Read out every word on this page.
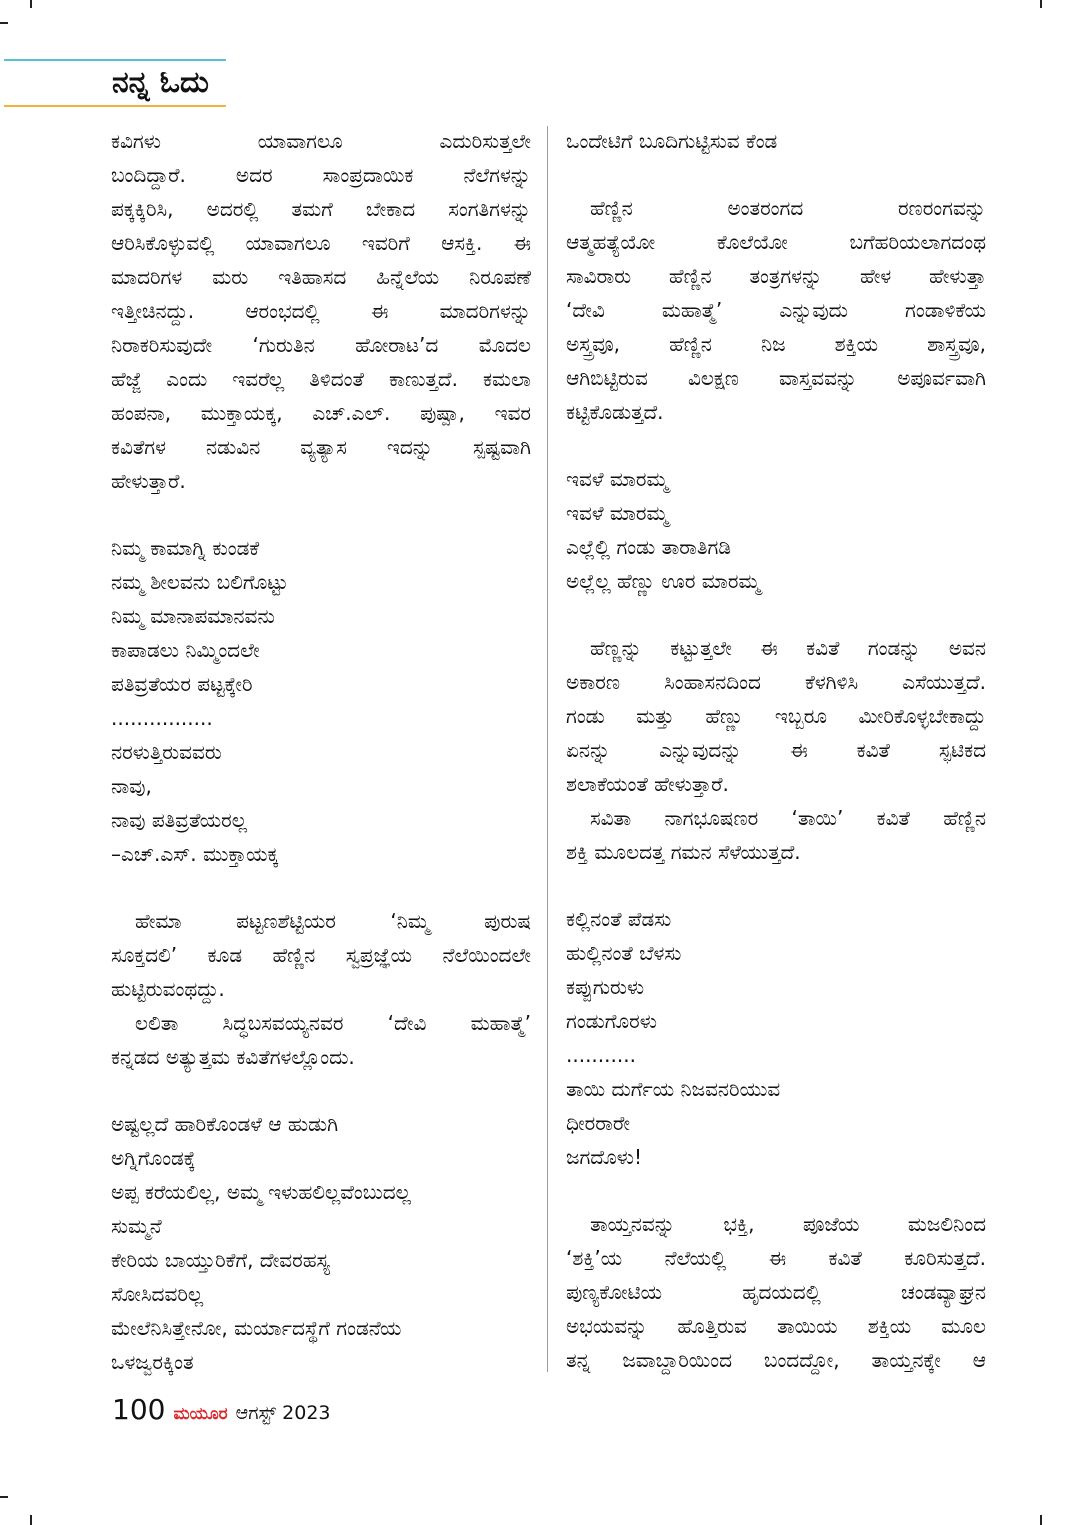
ನನ್ನ ಓದು

ಕವಿಗಳು ಯಾವಾಗಲೂ ಎದುರಿಸುತ್ತಲೇ

ಬಂದಿದ್ದಾರೆ. ಅದರ ಸಾಂಪ್ರದಾಯಿಕ ನೆಲೆಗಳನ್ನು

ಪಕ್ಕಕ್ಕಿರಿಸಿ, ಅದರಲ್ಲಿ ತಮಗೆ ಬೇಕಾದ ಸಂಗತಿಗಳನ್ನು

ಆರಿಸಿಕೊಳ್ಳುವಲ್ಲಿ ಯಾವಾಗಲೂ ಇವರಿಗೆ ಆಸಕ್ತಿ. ಈ

ಮಾದರಿಗಳ ಮರು ಇತಿಹಾಸದ ಹಿನ್ನೆಲೆಯ ನಿರೂಪಣೆ

ಇತ್ತೀಚಿನದ್ದು. ಆರಂಭದಲ್ಲಿ ಈ ಮಾದರಿಗಳನ್ನು

ನಿರಾಕರಿಸುವುದೇ ‘ಗುರುತಿನ ಹೋರಾಟ’ದ ಮೊದಲ

ಹೆಜ್ಜೆ ಎಂದು ಇವರೆಲ್ಲ ತಿಳಿದಂತೆ ಕಾಣುತ್ತದೆ. ಕಮಲಾ

ಹಂಪನಾ, ಮುಕ್ತಾಯಕ್ಕ, ಎಚ್.ಎಲ್. ಪುಷ್ಪಾ, ಇವರ

ಕವಿತೆಗಳ ನಡುವಿನ ವ್ಯತ್ಯಾಸ ಇದನ್ನು ಸ್ಪಷ್ಟವಾಗಿ

ಹೇಳುತ್ತಾರೆ.

ನಿಮ್ಮ ಕಾಮಾಗ್ನಿ ಕುಂಡಕೆ

ನಮ್ಮ ಶೀಲವನು ಬಲಿಗೊಟ್ಟು

ನಿಮ್ಮ ಮಾನಾಪಮಾನವನು

ಕಾಪಾಡಲು ನಿಮ್ಮಿಂದಲೇ

ಪತಿವ್ರತೆಯರ ಪಟ್ಟಕ್ಕೇರಿ

................

ನರಳುತ್ತಿರುವವರು

ನಾವು,

ನಾವು ಪತಿವ್ರತೆಯರಲ್ಲ

–ಎಚ್.ಎಸ್. ಮುಕ್ತಾಯಕ್ಕ

ಹೇಮಾ ಪಟ್ಟಣಶೆಟ್ಟಿಯರ ‘ನಿಮ್ಮ ಪುರುಷ

ಸೂಕ್ತದಲಿ’ ಕೂಡ ಹೆಣ್ಣಿನ ಸ್ವಪ್ರಜ್ಞೆಯ ನೆಲೆಯಿಂದಲೇ

ಹುಟ್ಟಿರುವಂಥದ್ದು.

ಲಲಿತಾ ಸಿದ್ಧಬಸವಯ್ಯನವರ ‘ದೇವಿ ಮಹಾತ್ಮೆ’

ಕನ್ನಡದ ಅತ್ಯುತ್ತಮ ಕವಿತೆಗಳಲ್ಲೊಂದು.

ಅಷ್ಟಲ್ಲದೆ ಹಾರಿಕೊಂಡಳೆ ಆ ಹುಡುಗಿ

ಅಗ್ನಿಗೊಂಡಕ್ಕೆ

ಅಪ್ಪ ಕರೆಯಲಿಲ್ಲ, ಅಮ್ಮ ಇಳುಹಲಿಲ್ಲವೆಂಬುದಲ್ಲ

ಸುಮ್ಮನೆ

ಕೇರಿಯ ಬಾಯ್ತುರಿಕೆಗೆ, ದೇವರಹಸ್ಯ

ಸೋಸಿದವರಿಲ್ಲ

ಮೇಲೆನಿಸಿತ್ತೇನೋ, ಮರ್ಯಾದಸ್ಥೆಗೆ ಗಂಡನೆಯ

ಒಳಜ್ವರಕ್ಕಿಂತ

ಒಂದೇಟಿಗೆ ಬೂದಿಗುಟ್ಟಿಸುವ ಕೆಂಡ

ಹೆಣ್ಣಿನ ಅಂತರಂಗದ ರಣರಂಗವನ್ನು

ಆತ್ಮಹತ್ಯೆಯೋ ಕೊಲೆಯೋ ಬಗೆಹರಿಯಲಾಗದಂಥ

ಸಾವಿರಾರು ಹೆಣ್ಣಿನ ತಂತ್ರಗಳನ್ನು ಹೇಳ ಹೇಳುತ್ತಾ

‘ದೇವಿ ಮಹಾತ್ಮೆ’ ಎನ್ನುವುದು ಗಂಡಾಳಿಕೆಯ

ಅಸ್ತ್ರವೂ, ಹೆಣ್ಣಿನ ನಿಜ ಶಕ್ತಿಯ ಶಾಸ್ತ್ರವೂ,

ಆಗಿಬಿಟ್ಟಿರುವ ವಿಲಕ್ಷಣ ವಾಸ್ತವವನ್ನು ಅಪೂರ್ವವಾಗಿ

ಕಟ್ಟಿಕೊಡುತ್ತದೆ.

ಇವಳೆ ಮಾರಮ್ಮ

ಇವಳೆ ಮಾರಮ್ಮ

ಎಲ್ಲೆಲ್ಲಿ ಗಂಡು ತಾರಾತಿಗಡಿ

ಅಲ್ಲೆಲ್ಲ ಹೆಣ್ಣು ಊರ ಮಾರಮ್ಮ

ಹೆಣ್ಣನ್ನು ಕಟ್ಟುತ್ತಲೇ ಈ ಕವಿತೆ ಗಂಡನ್ನು ಅವನ

ಅಕಾರಣ ಸಿಂಹಾಸನದಿಂದ ಕೆಳಗಿಳಿಸಿ ಎಸೆಯುತ್ತದೆ.

ಗಂಡು ಮತ್ತು ಹೆಣ್ಣು ಇಬ್ಬರೂ ಮೀರಿಕೊಳ್ಳಬೇಕಾದ್ದು

ಏನನ್ನು ಎನ್ನುವುದನ್ನು ಈ ಕವಿತೆ ಸ್ಫಟಿಕದ

ಶಲಾಕೆಯಂತೆ ಹೇಳುತ್ತಾರೆ.

ಸವಿತಾ ನಾಗಭೂಷಣರ ‘ತಾಯಿ’ ಕವಿತೆ ಹೆಣ್ಣಿನ

ಶಕ್ತಿ ಮೂಲದತ್ತ ಗಮನ ಸೆಳೆಯುತ್ತದೆ.

ಕಲ್ಲಿನಂತೆ ಪೆಡಸು

ಹುಲ್ಲಿನಂತೆ ಬೆಳಸು

ಕಪ್ಪುಗುರುಳು

ಗಂಡುಗೊರಳು

...........

ತಾಯಿ ದುರ್ಗೆಯ ನಿಜವನರಿಯುವ

ಧೀರರಾರೇ

ಜಗದೊಳು!

ತಾಯ್ತನವನ್ನು ಭಕ್ತಿ, ಪೂಜೆಯ ಮಜಲಿನಿಂದ

‘ಶಕ್ತಿ’ಯ ನೆಲೆಯಲ್ಲಿ ಈ ಕವಿತೆ ಕೂರಿಸುತ್ತದೆ.

ಪುಣ್ಯಕೋಟಿಯ ಹೃದಯದಲ್ಲಿ ಚಂಡವ್ಯಾಘ್ರನ

ಅಭಯವನ್ನು ಹೊತ್ತಿರುವ ತಾಯಿಯ ಶಕ್ತಿಯ ಮೂಲ

ತನ್ನ ಜವಾಬ್ದಾರಿಯಿಂದ ಬಂದದ್ದೋ, ತಾಯ್ತನಕ್ಕೇ ಆ

100 ಮಯೂರ ಆಗಸ್ಟ್ 2023
